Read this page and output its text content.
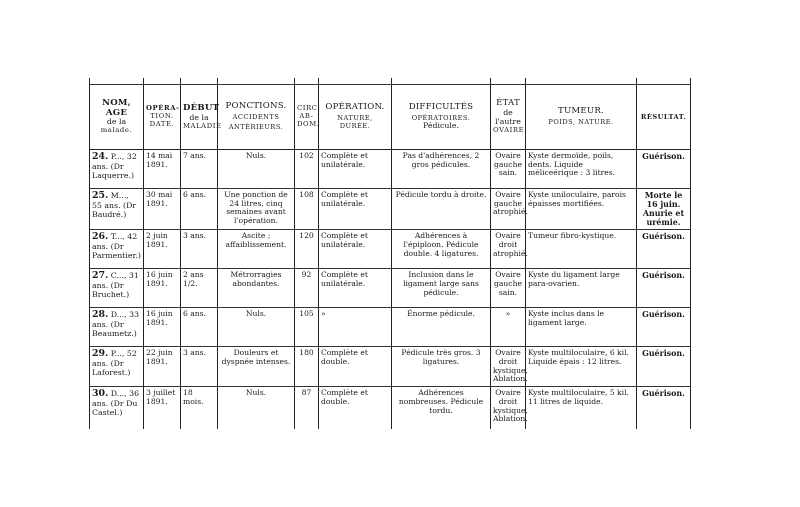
NOM, AGE
de la
malade.	OPÉRA-
TION.
DATE.	DÉBUT
de la
MALADIE	PONCTIONS.
ACCIDENTS
ANTÉRIEURS.	CIRC.
AB-
DOM.	OPÉRATION.
NATURE, DURÉE.	DIFFICULTÉS
OPÉRATOIRES.
Pédicule.	ÉTAT
de l'autre
OVAIRE.	TUMEUR.
POIDS, NATURE.	RÉSULTAT.

24. P..., 32 ans. (Dr Laquerre.)	14 mai 1891.	7 ans.	Nuls.	102	Complète et unilatérale.	Pas d'adhérences, 2 gros pédicules.	Ovaire gauche sain.	Kyste dermoïde, poils, dents. Liquide méliceérique : 3 litres.	Guérison.
25. M..., 55 ans. (Dr Baudré.)	30 mai 1891.	6 ans.	Une ponction de 24 litres, cinq semaines avant l'opération.	108	Complète et unilatérale.	Pédicule tordu à droite.	Ovaire gauche atrophié.	Kyste uniloculaire, parois épaisses mortifiées.	Morte le 16 juin. Anurie et urémie.
26. T..., 42 ans. (Dr Parmentier.)	2 juin 1891.	3 ans.	Ascite ; affaiblissement.	120	Complète et unilatérale.	Adhérences à l'épiploon. Pédicule double. 4 ligatures.	Ovaire droit atrophié.	Tumeur fibro-kystique.	Guérison.
27. C..., 31 ans. (Dr Bruchet.)	16 juin 1891.	2 ans 1/2.	Métrorragies abondantes.	92	Complète et unilatérale.	Inclusion dans le ligament large sans pédicule.	Ovaire gauche sain.	Kyste du ligament large para-ovarien.	Guérison.
28. D..., 33 ans. (Dr Beaumetz.)	16 juin 1891.	6 ans.	Nuls.	105	»	Énorme pédicule.	»	Kyste inclus dans le ligament large.	Guérison.
29. P..., 52 ans. (Dr Laforest.)	22 juin 1891.	3 ans.	Douleurs et dyspnée intenses.	180	Complète et double.	Pédicule très gros. 3 ligatures.	Ovaire droit kystique. Ablation.	Kyste multiloculaire, 6 kil. Liquide épais : 12 litres.	Guérison.
30. D..., 36 ans. (Dr Du Castel.)	3 juillet 1891.	18 mois.	Nuls.	87	Complète et double.	Adhérences nombreuses. Pédicule tordu.	Ovaire droit kystique. Ablation.	Kyste multiloculaire, 5 kil. 11 litres de liquide.	Guérison.
